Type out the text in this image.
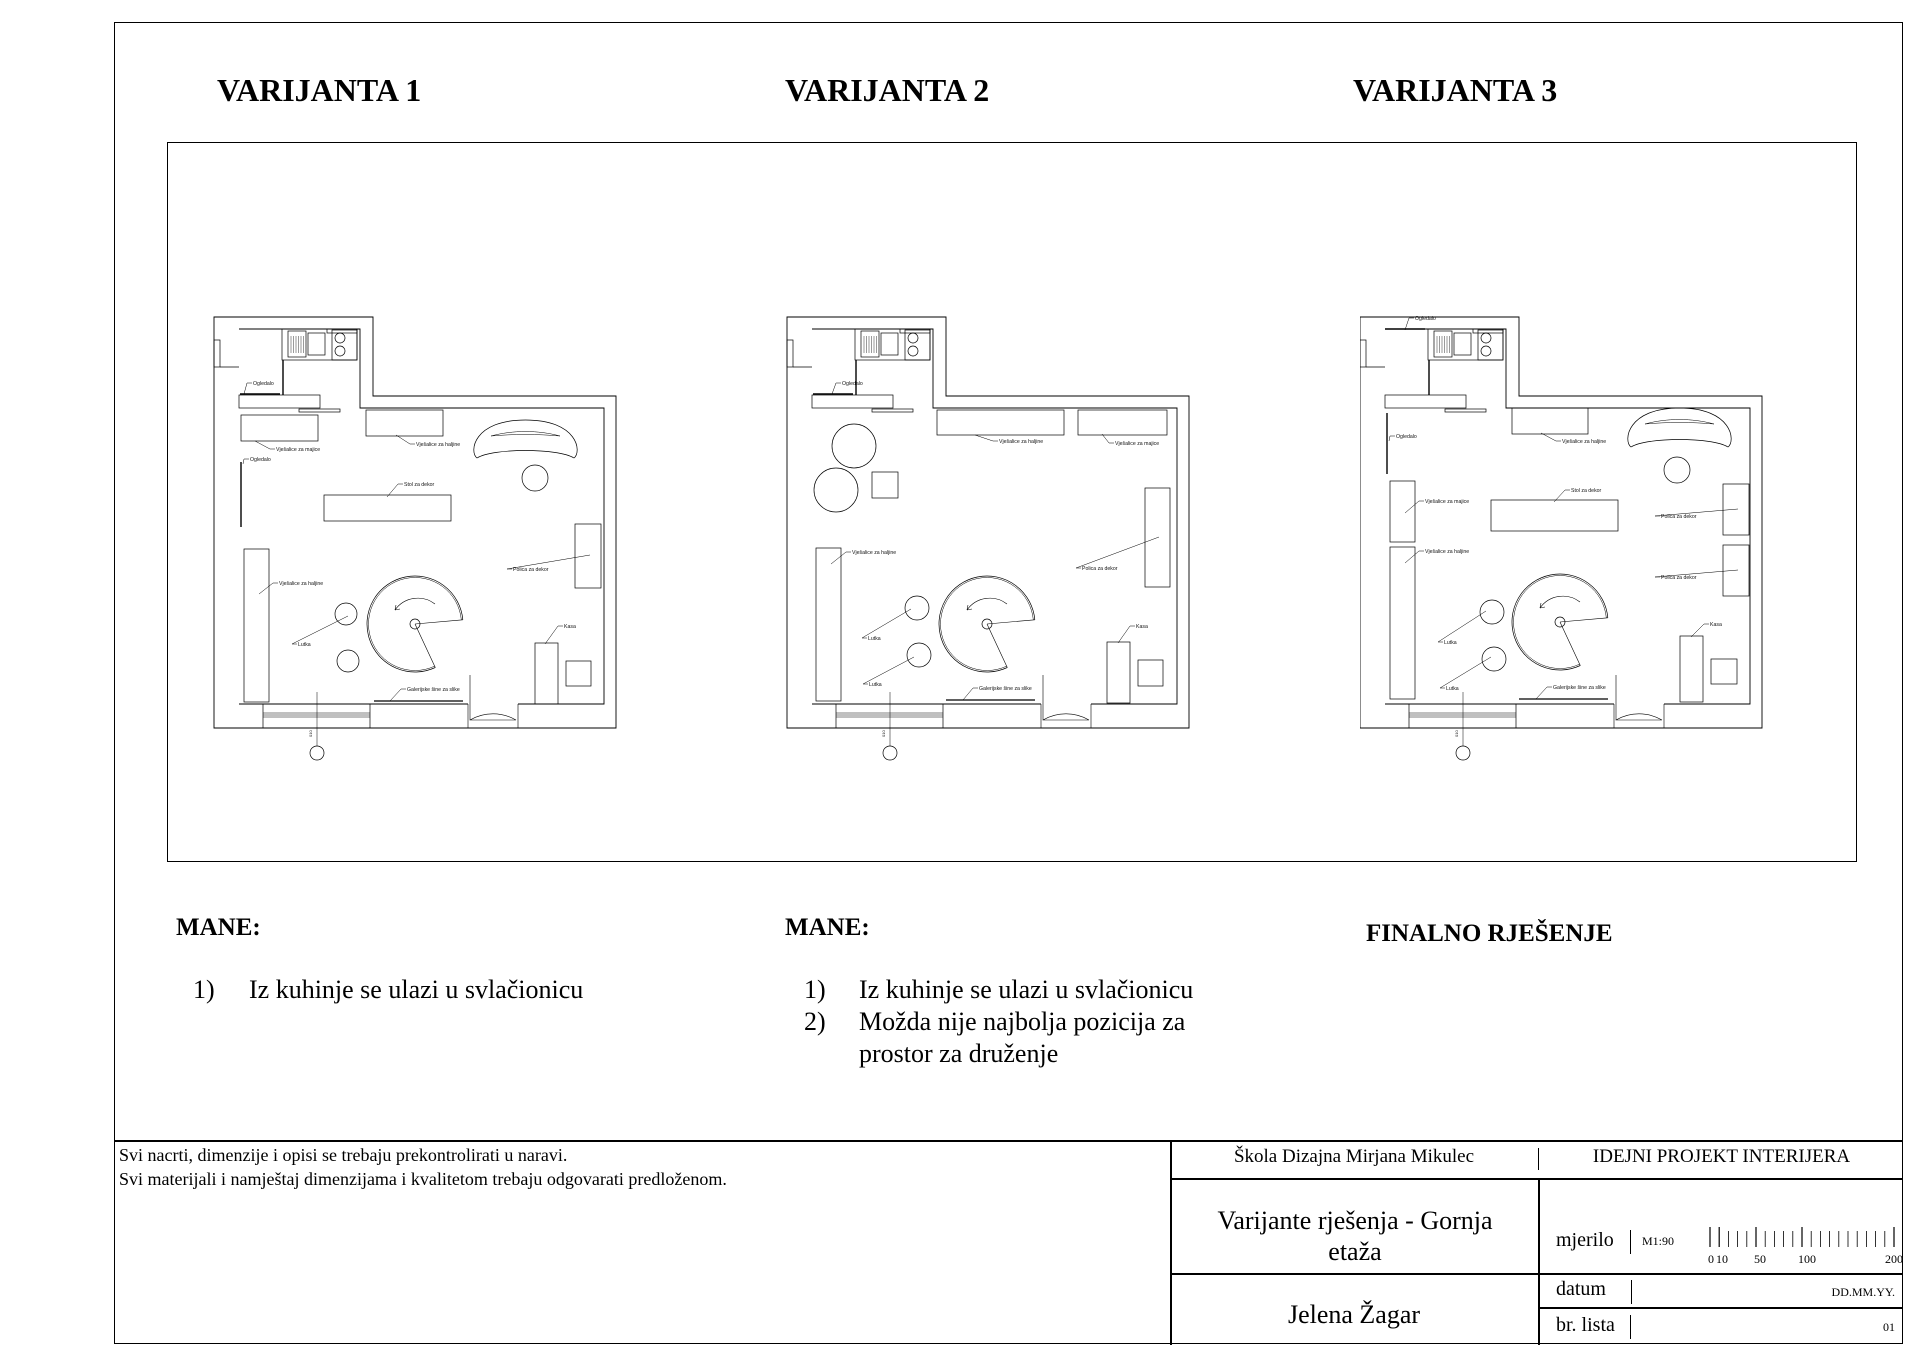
VARIJANTA 1	VARIJANTA 2	VARIJANTA 3
010
Ogledalo
Vješalice za majice
Vješalice za haljine
Ogledalo
Stol za dekor
Vješalice za haljine
Polica za dekor
Lutka
Kasa
Galerijske šine za slike
010
Ogledalo
Vješalice za haljine	Vješalice za majice
Vješalice za haljine
Polica za dekor
Lutka
Lutka
Kasa
Galerijske šine za slike
010
Ogledalo
Ogledalo
Vješalice za haljine
Vješalice za majice
Stol za dekor
Vješalice za haljine
Polica za dekor
Polica za dekor
Lutka
Lutka
Kasa
Galerijske šine za slike
MANE:
1) Iz kuhinje se ulazi u svlačionicu
MANE:
1) Iz kuhinje se ulazi u svlačionicu
2) Možda nije najbolja pozicija za
prostor za druženje
FINALNO RJEŠENJE
Svi nacrti, dimenzije i opisi se trebaju prekontrolirati u naravi.
Svi materijali i namještaj dimenzijama i kvalitetom trebaju odgovarati predloženom.
Škola Dizajna Mirjana Mikulec	IDEJNI PROJEKT INTERIJERA
Varijante rješenja - Gornja etaža
Jelena Žagar
mjerilo M1:90
0 10 50	100	200
datum	DD.MM.YY.
br. lista	01
